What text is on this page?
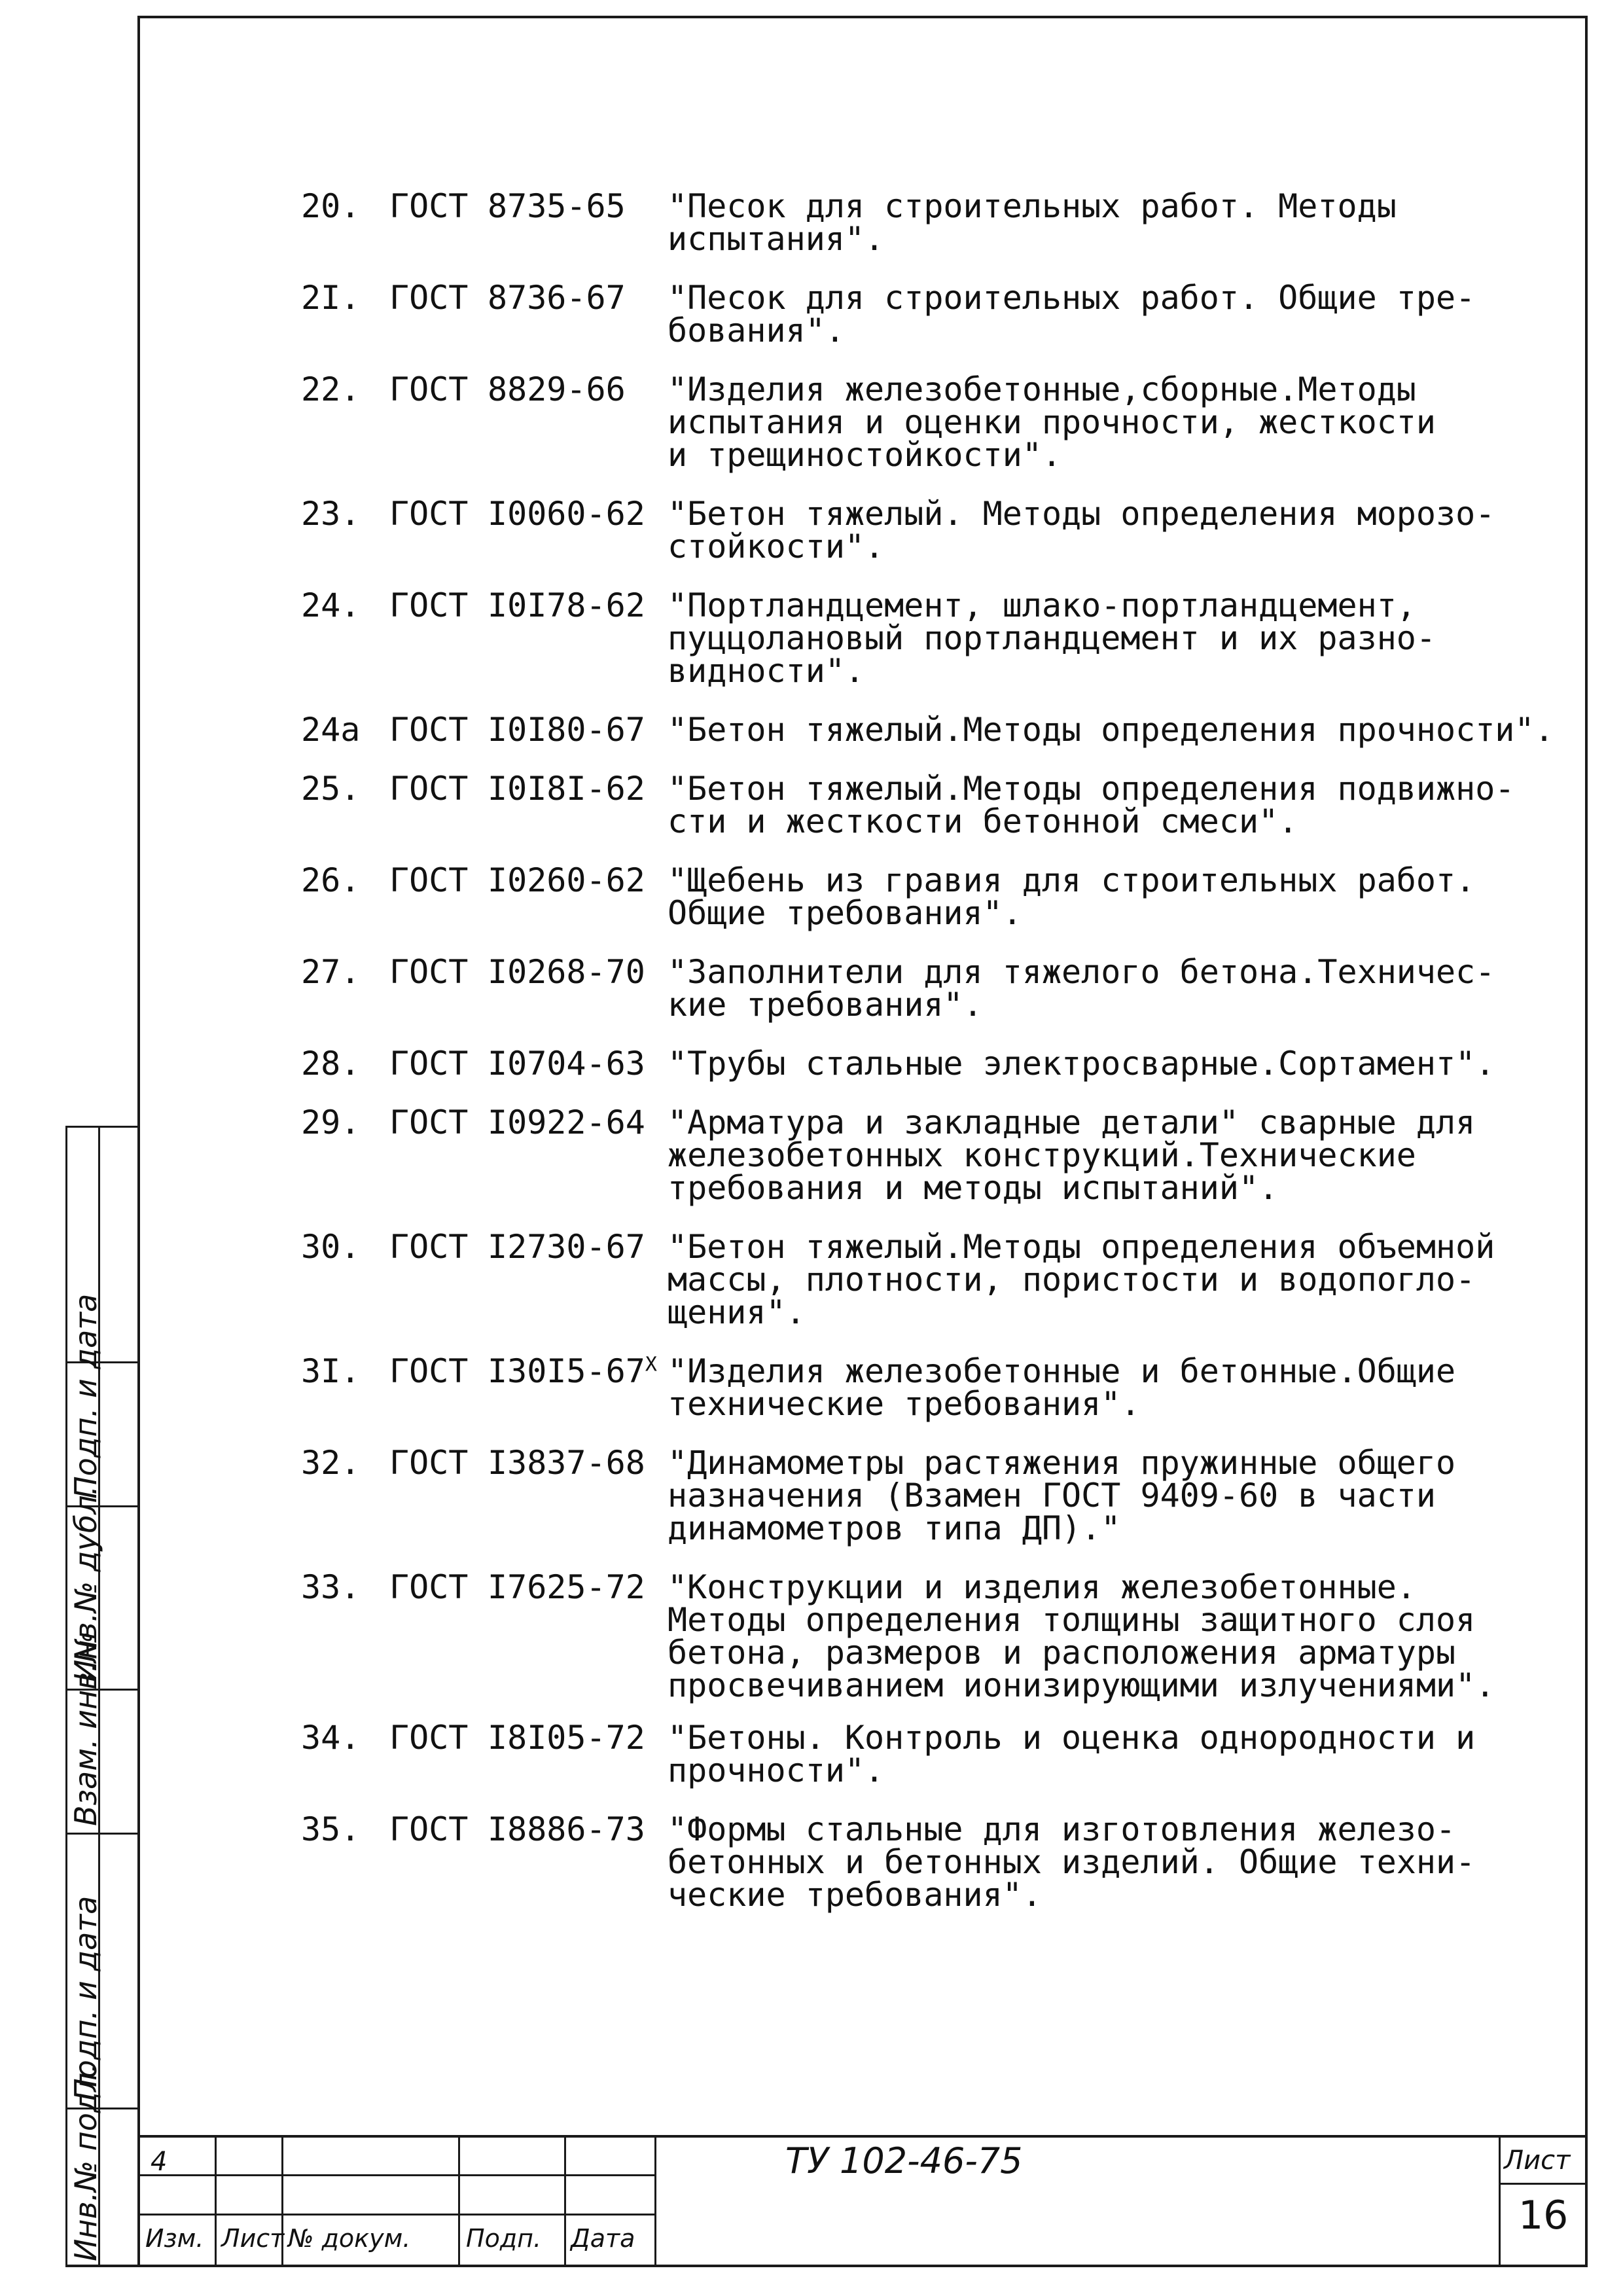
20. ГОСТ 8735-65 "Песок для строительных работ. Методы
испытания".
2I. ГОСТ 8736-67 "Песок для строительных работ. Общие тре-
бования".
22. ГОСТ 8829-66 "Изделия железобетонные,сборные.Методы
испытания и оценки прочности, жесткости
и трещиностойкости".
23. ГОСТ I0060-62 "Бетон тяжелый. Методы определения морозо-
стойкости".
24. ГОСТ I0I78-62 "Портландцемент, шлако-портландцемент,
пуццолановый портландцемент и их разно-
видности".
24а ГОСТ I0I80-67 "Бетон тяжелый.Методы определения прочности".
25. ГОСТ I0I8I-62 "Бетон тяжелый.Методы определения подвижно-
сти и жесткости бетонной смеси".
26. ГОСТ I0260-62 "Щебень из гравия для строительных работ.
Общие требования".
27. ГОСТ I0268-70 "Заполнители для тяжелого бетона.Техничес-
кие требования".
28. ГОСТ I0704-63 "Трубы стальные электросварные.Сортамент".
29. ГОСТ I0922-64 "Арматура и закладные детали" сварные для
железобетонных конструкций.Технические
требования и методы испытаний".
30. ГОСТ I2730-67 "Бетон тяжелый.Методы определения объемной
массы, плотности, пористости и водопогло-
щения".
3I. ГОСТ $I30I5-67^Х$ "Изделия железобетонные и бетонные.Общие
технические требования".
32. ГОСТ I3837-68 "Динамометры растяжения пружинные общего
назначения (Взамен ГОСТ 9409-60 в части
динамометров типа ДП)."
33. ГОСТ I7625-72 "Конструкции и изделия железобетонные.
Методы определения толщины защитного слоя
бетона, размеров и расположения арматуры
просвечиванием ионизирующими излучениями".
34. ГОСТ I8I05-72 "Бетоны. Контроль и оценка однородности и
прочности".
35. ГОСТ I8886-73 "Формы стальные для изготовления железо-
бетонных и бетонных изделий. Общие техни-
ческие требования".
Инв.№ подл.
Подп. и дата
Взам. инв.№
Инв.№ дубл.
Подп. и дата
4
Изм. Лист № докум. Подп. Дата
ТУ 102-46-75	Лист
16
